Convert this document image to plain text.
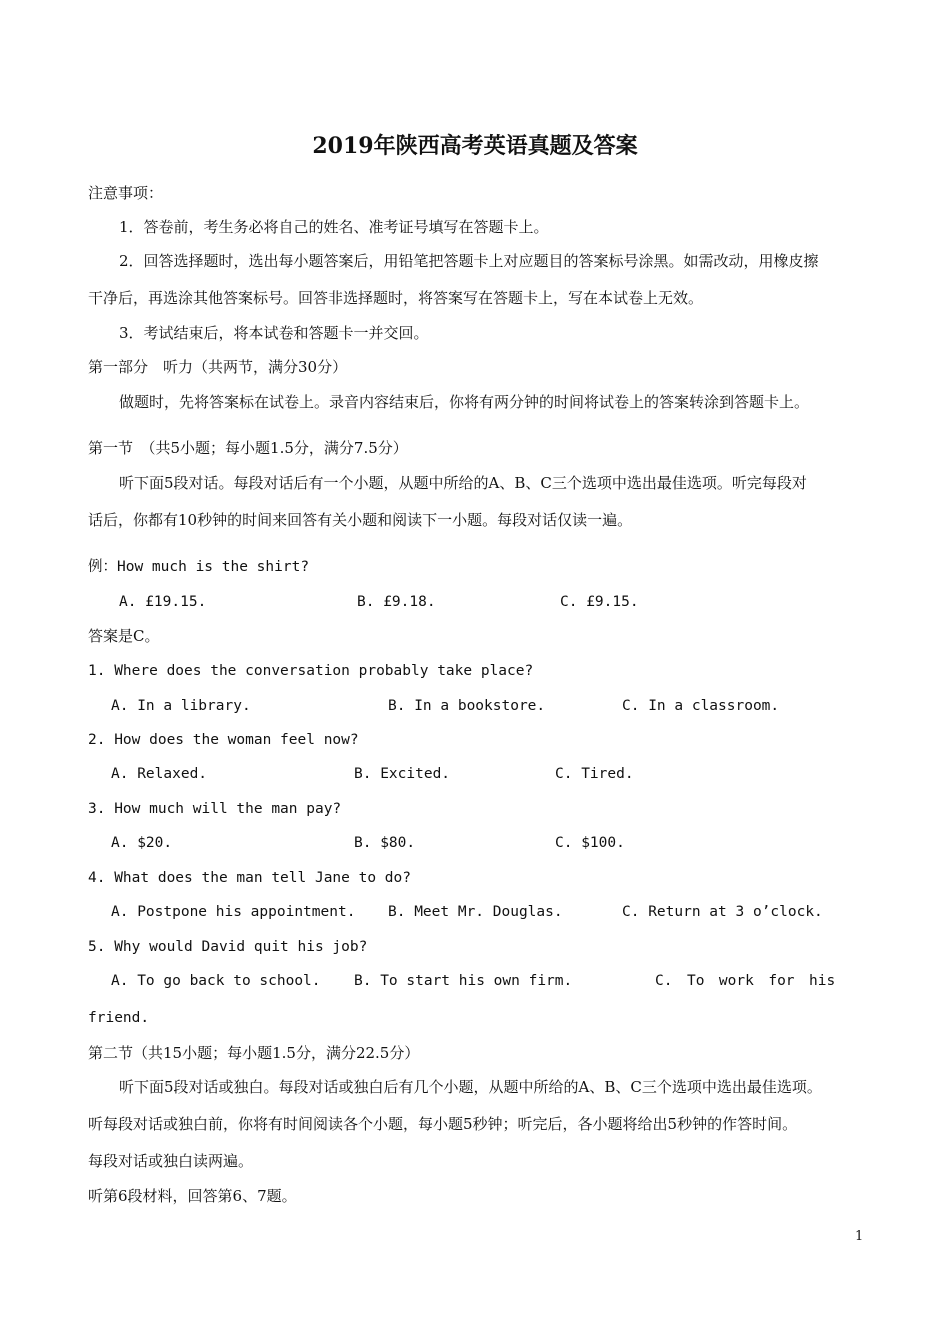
2019年陕西高考英语真题及答案
注意事项：
1．答卷前，考生务必将自己的姓名、准考证号填写在答题卡上。
2．回答选择题时，选出每小题答案后，用铅笔把答题卡上对应题目的答案标号涂黑。如需改动，用橡皮擦
干净后，再选涂其他答案标号。回答非选择题时，将答案写在答题卡上，写在本试卷上无效。
3．考试结束后，将本试卷和答题卡一并交回。
第一部分　听力（共两节，满分30分）
做题时，先将答案标在试卷上。录音内容结束后，你将有两分钟的时间将试卷上的答案转涂到答题卡上。
第一节　（共5小题；每小题1.5分，满分7.5分）
听下面5段对话。每段对话后有一个小题，从题中所给的A、B、C三个选项中选出最佳选项。听完每段对
话后，你都有10秒钟的时间来回答有关小题和阅读下一小题。每段对话仅读一遍。
例：How much is the shirt?
A. £19.15.	B. £9.18.	C. £9.15.
答案是C。
1. Where does the conversation probably take place?
A. In a library.	B. In a bookstore.	C. In a classroom.
2. How does the woman feel now?
A. Relaxed.	B. Excited.	C. Tired.
3. How much will the man pay?
A. $20.	B. $80.	C. $100.
4. What does the man tell Jane to do?
A. Postpone his appointment. B. Meet Mr. Douglas.	C. Return at 3 o’clock.
5. Why would David quit his job?
A. To go back to school. B. To start his own firm.	C.　To　work　for　his
friend.
第二节（共15小题；每小题1.5分，满分22.5分）
听下面5段对话或独白。每段对话或独白后有几个小题，从题中所给的A、B、C三个选项中选出最佳选项。
听每段对话或独白前，你将有时间阅读各个小题，每小题5秒钟；听完后，各小题将给出5秒钟的作答时间。
每段对话或独白读两遍。
听第6段材料，回答第6、7题。
1
